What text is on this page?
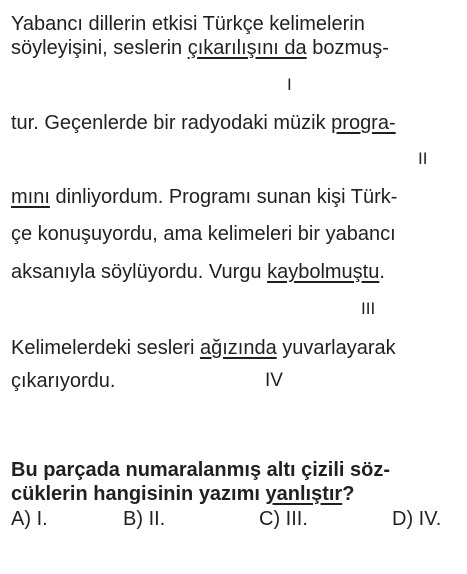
Yabancı dillerin etkisi Türkçe kelimelerin
söyleyişini, seslerin çıkarılışını da bozmuş-
I
tur. Geçenlerde bir radyodaki müzik progra-
II
mını dinliyordum. Programı sunan kişi Türk-
çe konuşuyordu, ama kelimeleri bir yabancı
aksanıyla söylüyordu. Vurgu kaybolmuştu.
III
Kelimelerdeki sesleri ağızında yuvarlayarak
çıkarıyordu.	IV
Bu parçada numaralanmış altı çizili söz-
cüklerin hangisinin yazımı yanlıştır?
A) I.	B) II.	C) III.	D) IV.
